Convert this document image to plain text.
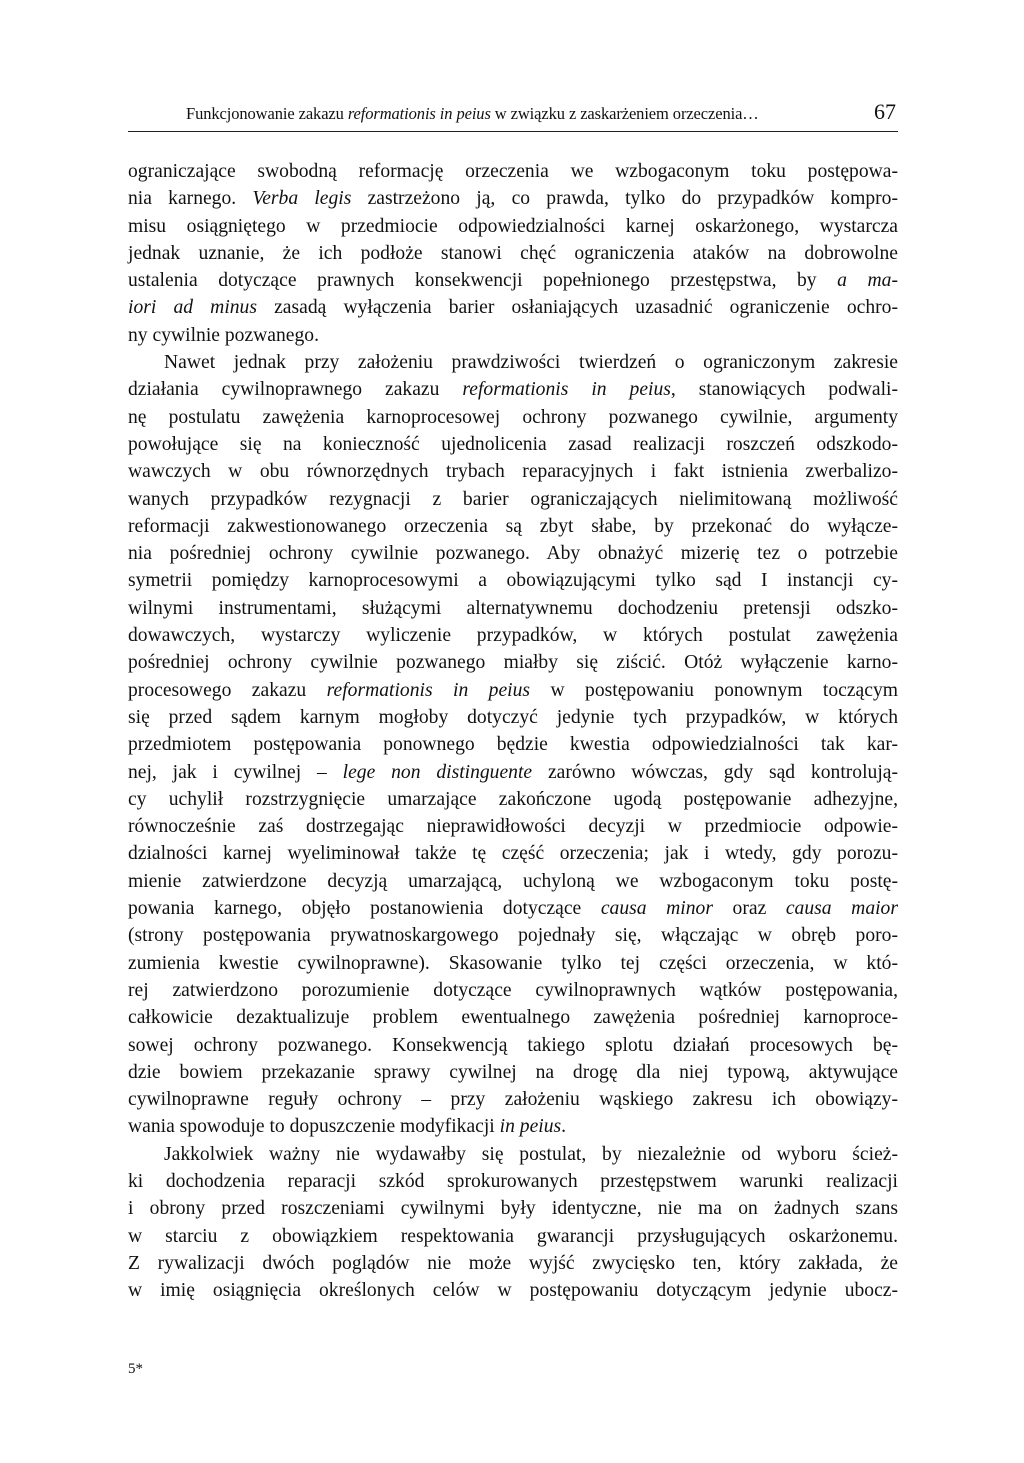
Funkcjonowanie zakazu reformationis in peius w związku z zaskarżeniem orzeczenia…	67
ograniczające swobodną reformację orzeczenia we wzbogaconym toku postępowa-
nia karnego. Verba legis zastrzeżono ją, co prawda, tylko do przypadków kompro-
misu osiągniętego w przedmiocie odpowiedzialności karnej oskarżonego, wystarcza
jednak uznanie, że ich podłoże stanowi chęć ograniczenia ataków na dobrowolne
ustalenia dotyczące prawnych konsekwencji popełnionego przestępstwa, by a ma-
iori ad minus zasadą wyłączenia barier osłaniających uzasadnić ograniczenie ochro-
ny cywilnie pozwanego.
Nawet jednak przy założeniu prawdziwości twierdzeń o ograniczonym zakresie
działania cywilnoprawnego zakazu reformationis in peius, stanowiących podwali-
nę postulatu zawężenia karnoprocesowej ochrony pozwanego cywilnie, argumenty
powołujące się na konieczność ujednolicenia zasad realizacji roszczeń odszkodo-
wawczych w obu równorzędnych trybach reparacyjnych i fakt istnienia zwerbalizo-
wanych przypadków rezygnacji z barier ograniczających nielimitowaną możliwość
reformacji zakwestionowanego orzeczenia są zbyt słabe, by przekonać do wyłącze-
nia pośredniej ochrony cywilnie pozwanego. Aby obnażyć mizerię tez o potrzebie
symetrii pomiędzy karnoprocesowymi a obowiązującymi tylko sąd I instancji cy-
wilnymi instrumentami, służącymi alternatywnemu dochodzeniu pretensji odszko-
dowawczych, wystarczy wyliczenie przypadków, w których postulat zawężenia
pośredniej ochrony cywilnie pozwanego miałby się ziścić. Otóż wyłączenie karno-
procesowego zakazu reformationis in peius w postępowaniu ponownym toczącym
się przed sądem karnym mogłoby dotyczyć jedynie tych przypadków, w których
przedmiotem postępowania ponownego będzie kwestia odpowiedzialności tak kar-
nej, jak i cywilnej – lege non distinguente zarówno wówczas, gdy sąd kontrolują-
cy uchylił rozstrzygnięcie umarzające zakończone ugodą postępowanie adhezyjne,
równocześnie zaś dostrzegając nieprawidłowości decyzji w przedmiocie odpowie-
dzialności karnej wyeliminował także tę część orzeczenia; jak i wtedy, gdy porozu-
mienie zatwierdzone decyzją umarzającą, uchyloną we wzbogaconym toku postę-
powania karnego, objęło postanowienia dotyczące causa minor oraz causa maior
(strony postępowania prywatnoskargowego pojednały się, włączając w obręb poro-
zumienia kwestie cywilnoprawne). Skasowanie tylko tej części orzeczenia, w któ-
rej zatwierdzono porozumienie dotyczące cywilnoprawnych wątków postępowania,
całkowicie dezaktualizuje problem ewentualnego zawężenia pośredniej karnoproce-
sowej ochrony pozwanego. Konsekwencją takiego splotu działań procesowych bę-
dzie bowiem przekazanie sprawy cywilnej na drogę dla niej typową, aktywujące
cywilnoprawne reguły ochrony – przy założeniu wąskiego zakresu ich obowiązy-
wania spowoduje to dopuszczenie modyfikacji in peius.
Jakkolwiek ważny nie wydawałby się postulat, by niezależnie od wyboru ścież-
ki dochodzenia reparacji szkód sprokurowanych przestępstwem warunki realizacji
i obrony przed roszczeniami cywilnymi były identyczne, nie ma on żadnych szans
w starciu z obowiązkiem respektowania gwarancji przysługujących oskarżonemu.
Z rywalizacji dwóch poglądów nie może wyjść zwycięsko ten, który zakłada, że
w imię osiągnięcia określonych celów w postępowaniu dotyczącym jedynie ubocz-
5*
